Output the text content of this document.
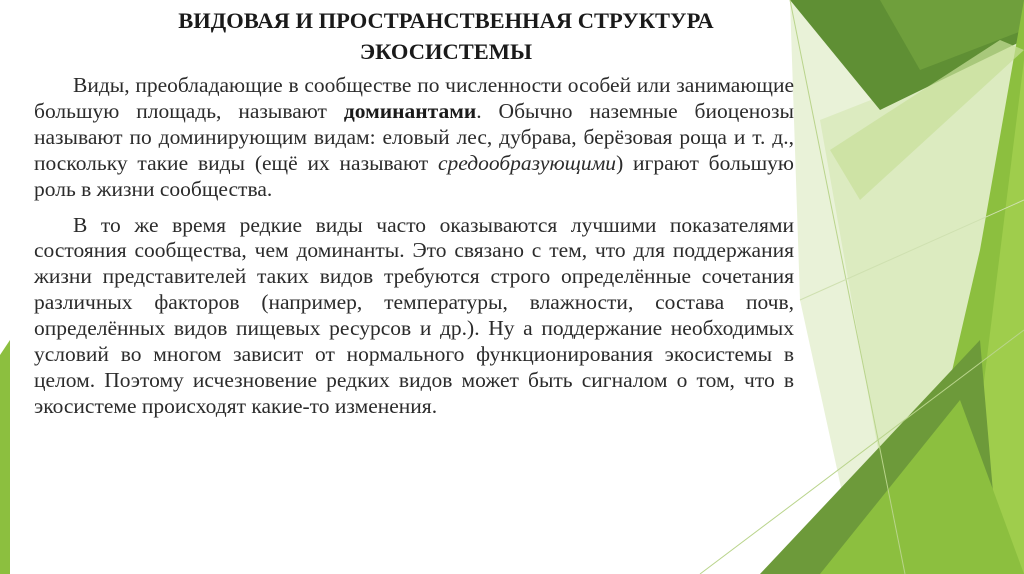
ВИДОВАЯ И ПРОСТРАНСТВЕННАЯ СТРУКТУРА
ЭКОСИСТЕМЫ

Виды, преобладающие в сообществе по численности особей или занимающие большую площадь, называют доминантами. Обычно наземные биоценозы называют по доминирующим видам: еловый лес, дубрава, берёзовая роща и т. д., поскольку такие виды (ещё их называют средообразующими) играют большую роль в жизни сообщества.

В то же время редкие виды часто оказываются лучшими показателями состояния сообщества, чем доминанты. Это связано с тем, что для поддержания жизни представителей таких видов требуются строго определённые сочетания различных факторов (например, температуры, влажности, состава почв, определённых видов пищевых ресурсов и др.). Ну а поддержание необходимых условий во многом зависит от нормального функционирования экосистемы в целом. Поэтому исчезновение редких видов может быть сигналом о том, что в экосистеме происходят какие-то изменения.
